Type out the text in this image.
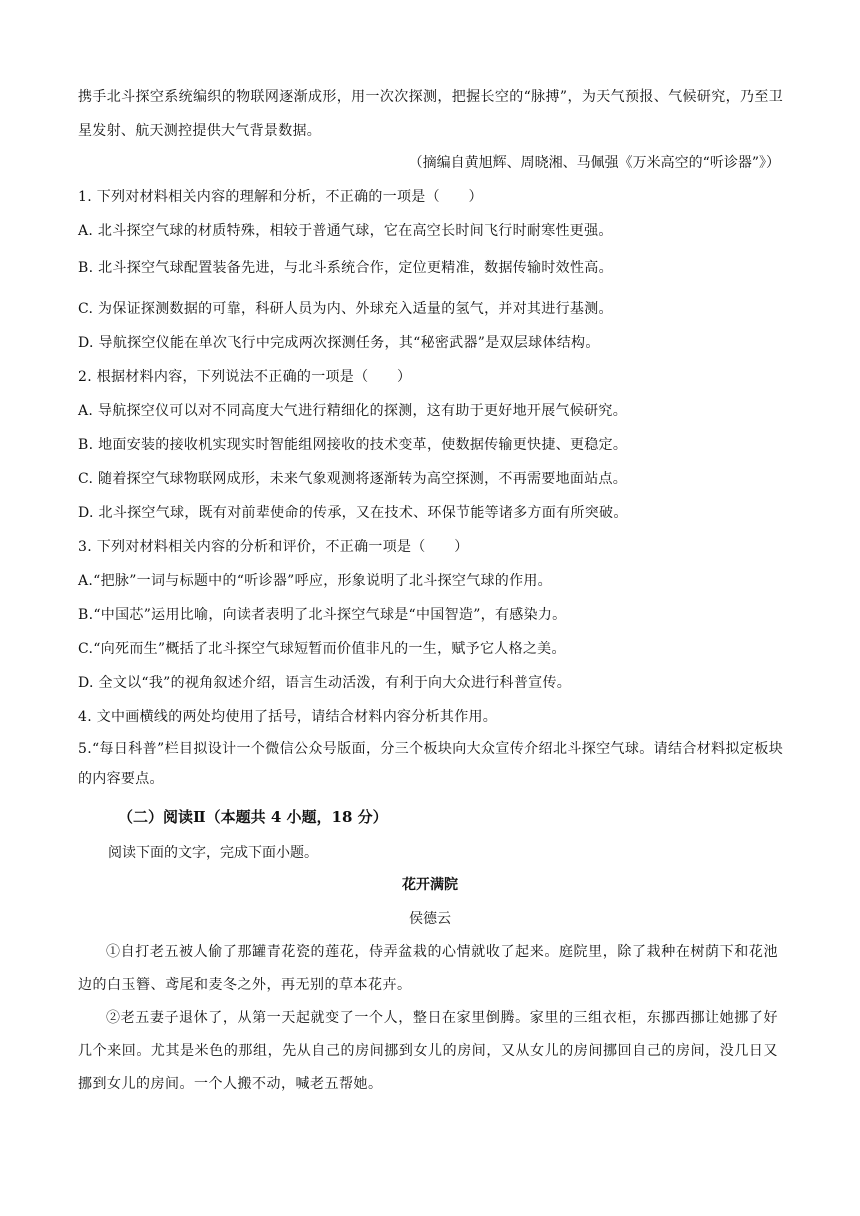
携手北斗探空系统编织的物联网逐渐成形，用一次次探测，把握长空的“脉搏”，为天气预报、气候研究，乃至卫星发射、航天测控提供大气背景数据。
（摘编自黄旭辉、周晓湘、马佩强《万米高空的“听诊器”》）
1. 下列对材料相关内容的理解和分析，不正确的一项是（　　）
A. 北斗探空气球的材质特殊，相较于普通气球，它在高空长时间飞行时耐寒性更强。
B. 北斗探空气球配置装备先进，与北斗系统合作，定位更精准，数据传输时效性高。
C. 为保证探测数据的可靠，科研人员为内、外球充入适量的氢气，并对其进行基测。
D. 导航探空仪能在单次飞行中完成两次探测任务，其“秘密武器”是双层球体结构。
2. 根据材料内容，下列说法不正确的一项是（　　）
A. 导航探空仪可以对不同高度大气进行精细化的探测，这有助于更好地开展气候研究。
B. 地面安装的接收机实现实时智能组网接收的技术变革，使数据传输更快捷、更稳定。
C. 随着探空气球物联网成形，未来气象观测将逐渐转为高空探测，不再需要地面站点。
D. 北斗探空气球，既有对前辈使命的传承，又在技术、环保节能等诸多方面有所突破。
3. 下列对材料相关内容的分析和评价，不正确一项是（　　）
A.“把脉”一词与标题中的“听诊器”呼应，形象说明了北斗探空气球的作用。
B.“中国芯”运用比喻，向读者表明了北斗探空气球是“中国智造”，有感染力。
C.“向死而生”概括了北斗探空气球短暂而价值非凡的一生，赋予它人格之美。
D. 全文以“我”的视角叙述介绍，语言生动活泼，有利于向大众进行科普宣传。
4. 文中画横线的两处均使用了括号，请结合材料内容分析其作用。
5.“每日科普”栏目拟设计一个微信公众号版面，分三个板块向大众宣传介绍北斗探空气球。请结合材料拟定板块的内容要点。
（二）阅读Ⅱ（本题共 4 小题，18 分）
阅读下面的文字，完成下面小题。
花开满院
侯德云
①自打老五被人偷了那罐青花瓷的莲花，侍弄盆栽的心情就收了起来。庭院里，除了栽种在树荫下和花池边的白玉簪、鸢尾和麦冬之外，再无别的草本花卉。
②老五妻子退休了，从第一天起就变了一个人，整日在家里倒腾。家里的三组衣柜，东挪西挪让她挪了好几个来回。尤其是米色的那组，先从自己的房间挪到女儿的房间，又从女儿的房间挪回自己的房间，没几日又挪到女儿的房间。一个人搬不动，喊老五帮她。
